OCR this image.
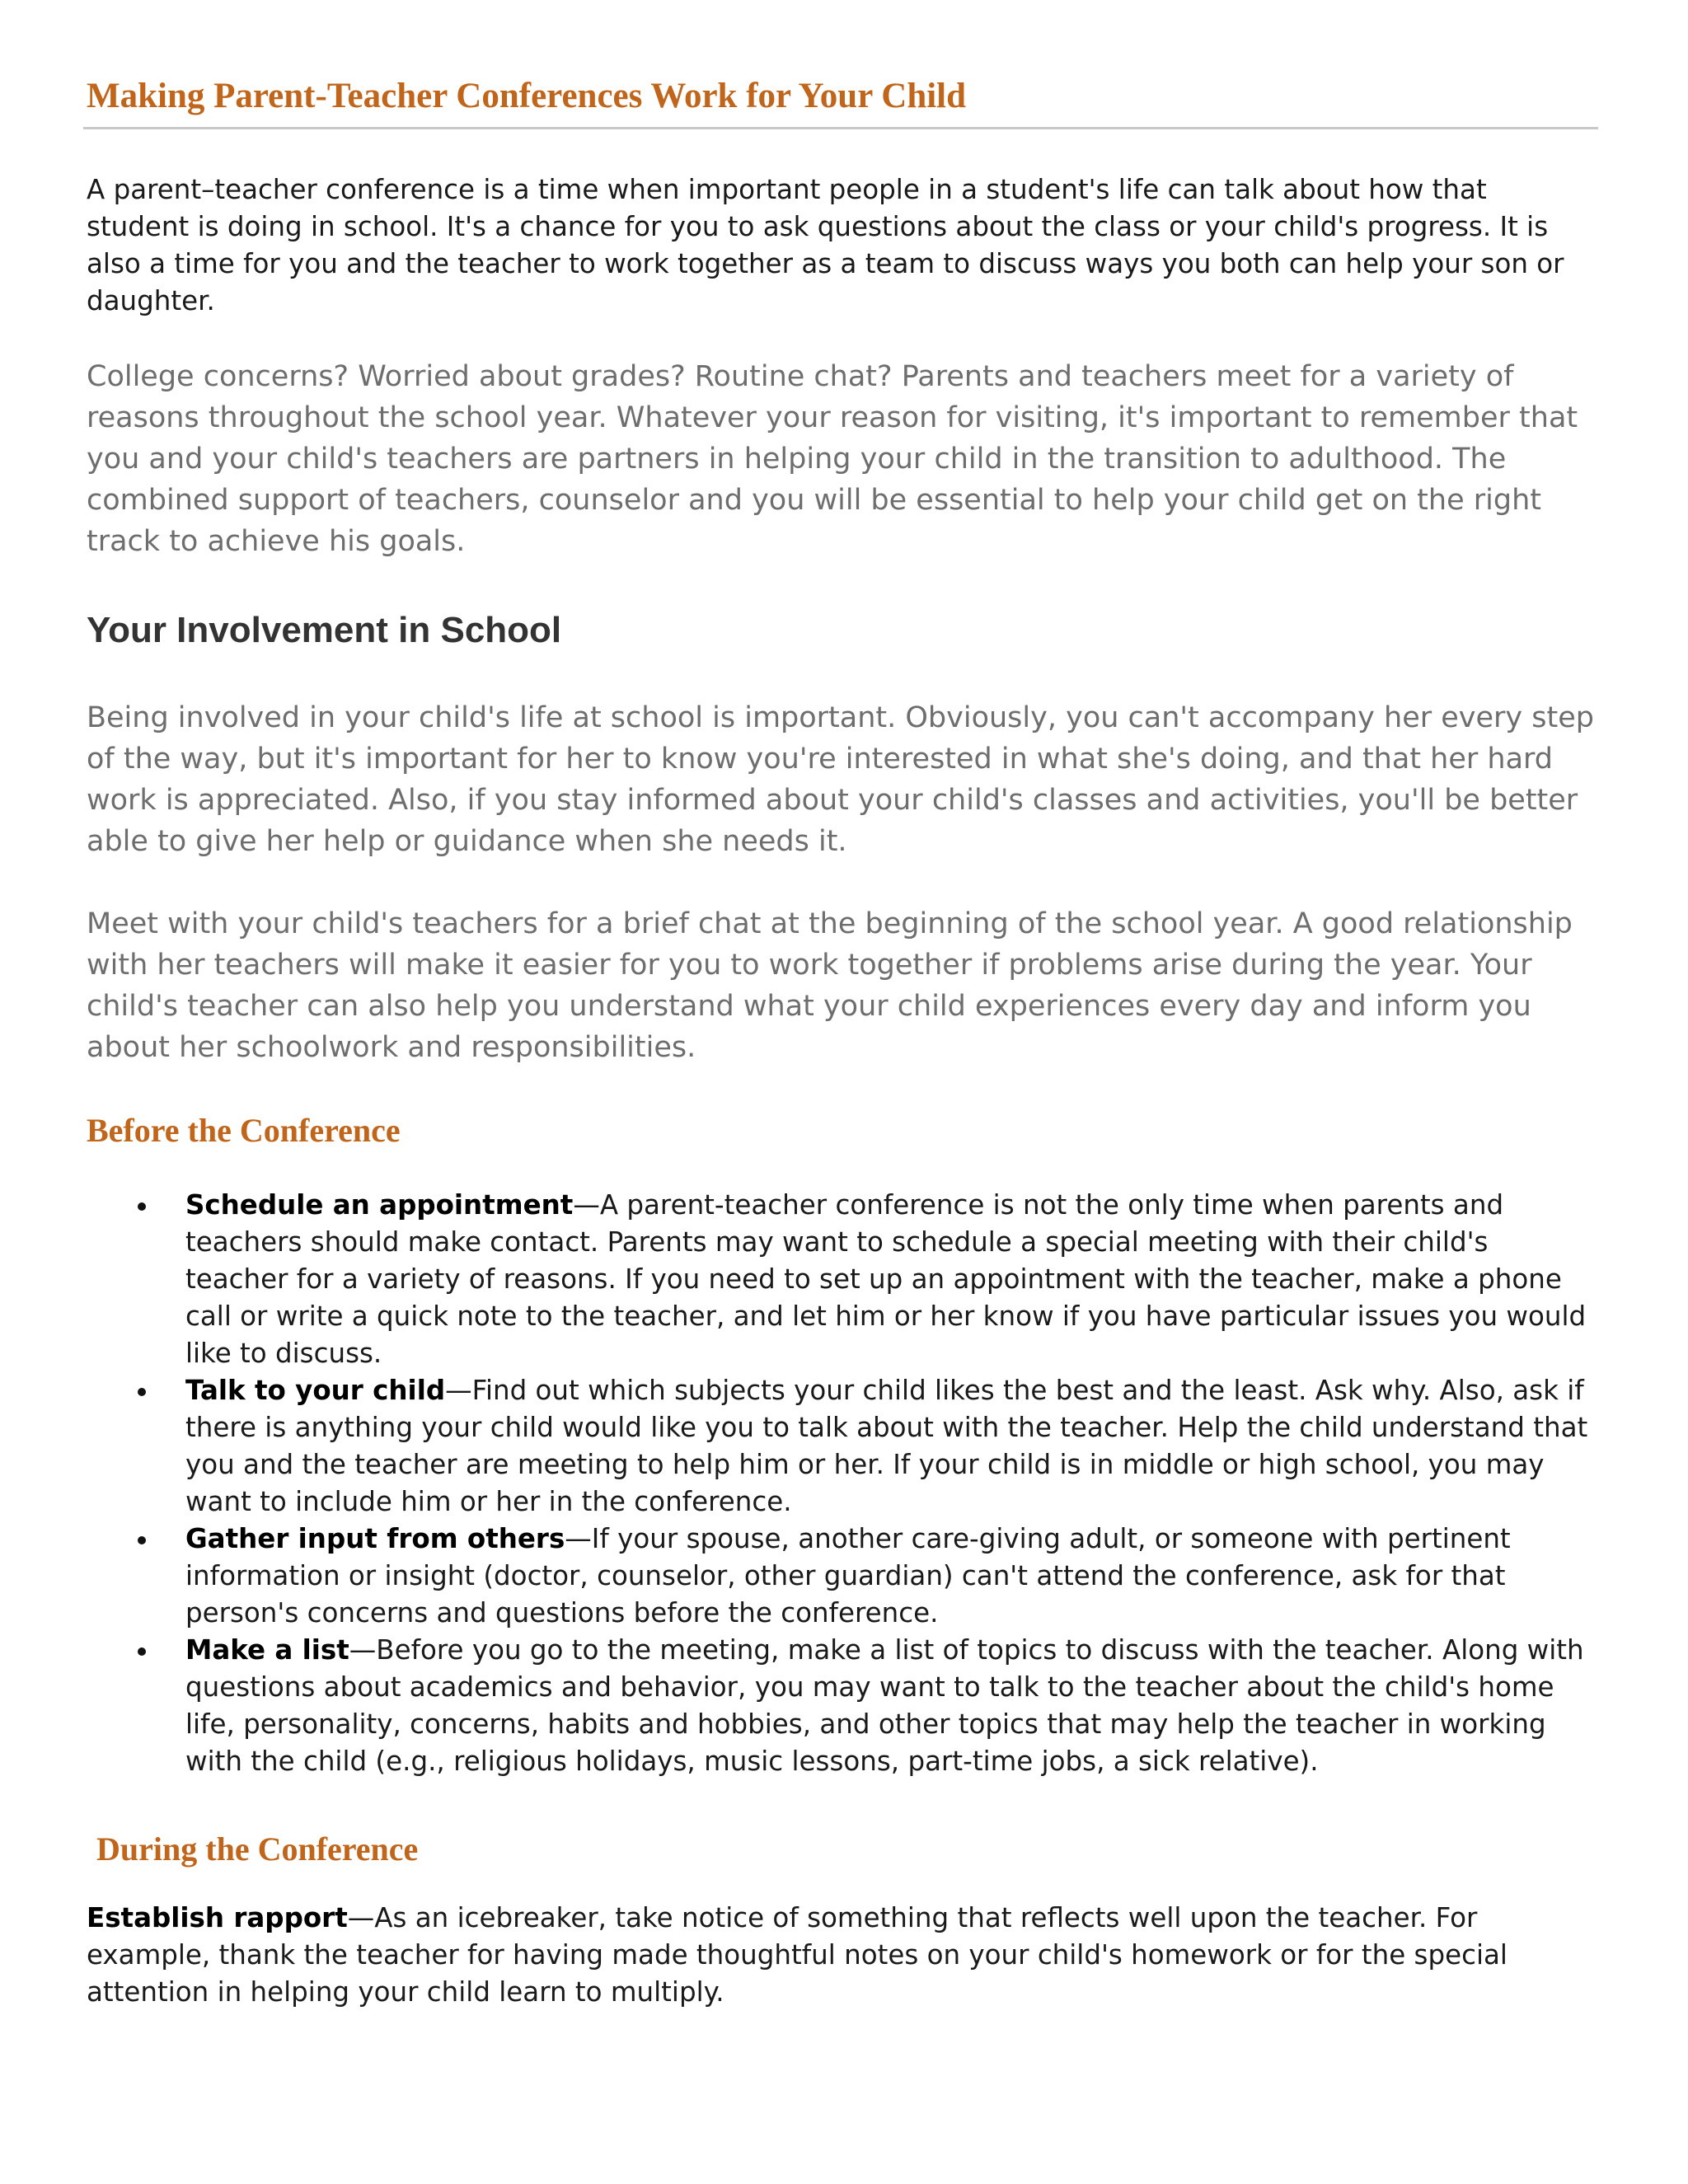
Making Parent-Teacher Conferences Work for Your Child

A parent–teacher conference is a time when important people in a student's life can talk about how that student is doing in school. It's a chance for you to ask questions about the class or your child's progress. It is also a time for you and the teacher to work together as a team to discuss ways you both can help your son or daughter.

College concerns? Worried about grades? Routine chat? Parents and teachers meet for a variety of reasons throughout the school year. Whatever your reason for visiting, it's important to remember that you and your child's teachers are partners in helping your child in the transition to adulthood. The combined support of teachers, counselor and you will be essential to help your child get on the right track to achieve his goals.

Your Involvement in School

Being involved in your child's life at school is important. Obviously, you can't accompany her every step of the way, but it's important for her to know you're interested in what she's doing, and that her hard work is appreciated. Also, if you stay informed about your child's classes and activities, you'll be better able to give her help or guidance when she needs it.

Meet with your child's teachers for a brief chat at the beginning of the school year. A good relationship with her teachers will make it easier for you to work together if problems arise during the year. Your child's teacher can also help you understand what your child experiences every day and inform you about her schoolwork and responsibilities.

Before the Conference
Schedule an appointment—A parent-teacher conference is not the only time when parents and teachers should make contact. Parents may want to schedule a special meeting with their child's teacher for a variety of reasons. If you need to set up an appointment with the teacher, make a phone call or write a quick note to the teacher, and let him or her know if you have particular issues you would like to discuss.
Talk to your child—Find out which subjects your child likes the best and the least. Ask why. Also, ask if there is anything your child would like you to talk about with the teacher. Help the child understand that you and the teacher are meeting to help him or her. If your child is in middle or high school, you may want to include him or her in the conference.
Gather input from others—If your spouse, another care-giving adult, or someone with pertinent information or insight (doctor, counselor, other guardian) can't attend the conference, ask for that person's concerns and questions before the conference.
Make a list—Before you go to the meeting, make a list of topics to discuss with the teacher. Along with questions about academics and behavior, you may want to talk to the teacher about the child's home life, personality, concerns, habits and hobbies, and other topics that may help the teacher in working with the child (e.g., religious holidays, music lessons, part-time jobs, a sick relative).
During the Conference

Establish rapport—As an icebreaker, take notice of something that reflects well upon the teacher. For example, thank the teacher for having made thoughtful notes on your child's homework or for the special attention in helping your child learn to multiply.
